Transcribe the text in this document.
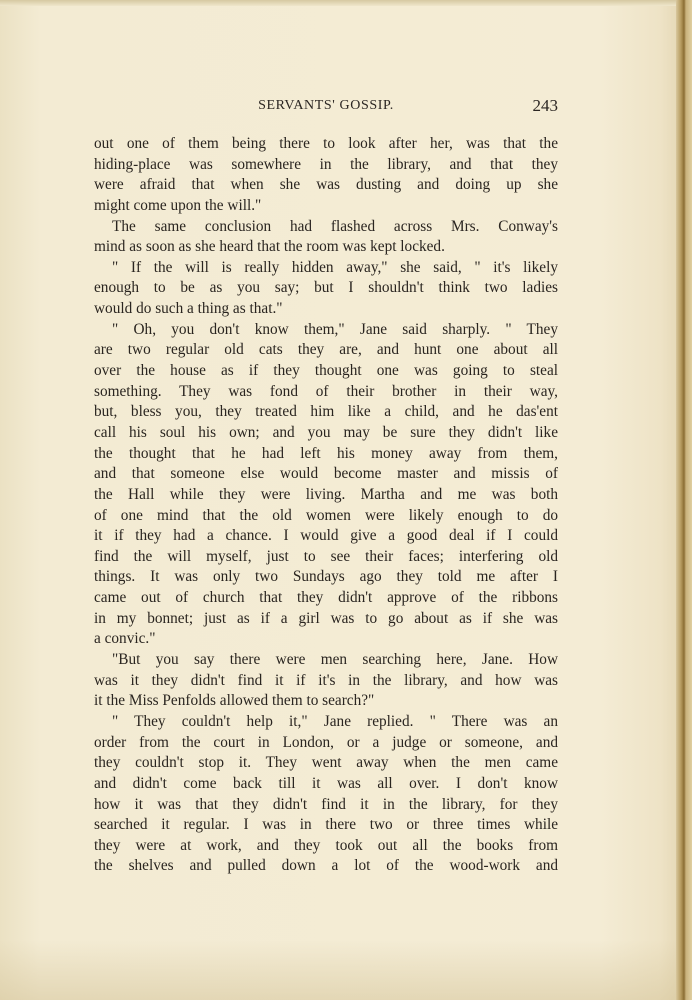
SERVANTS' GOSSIP.	243
out one of them being there to look after her, was that the
hiding-place was somewhere in the library, and that they
were afraid that when she was dusting and doing up she
might come upon the will."
The same conclusion had flashed across Mrs. Conway's
mind as soon as she heard that the room was kept locked.
" If the will is really hidden away," she said, " it's likely
enough to be as you say; but I shouldn't think two ladies
would do such a thing as that."
" Oh, you don't know them," Jane said sharply. " They
are two regular old cats they are, and hunt one about all
over the house as if they thought one was going to steal
something. They was fond of their brother in their way,
but, bless you, they treated him like a child, and he das'ent
call his soul his own; and you may be sure they didn't like
the thought that he had left his money away from them,
and that someone else would become master and missis of
the Hall while they were living. Martha and me was both
of one mind that the old women were likely enough to do
it if they had a chance. I would give a good deal if I could
find the will myself, just to see their faces; interfering old
things. It was only two Sundays ago they told me after I
came out of church that they didn't approve of the ribbons
in my bonnet; just as if a girl was to go about as if she was
a convic."
"But you say there were men searching here, Jane. How
was it they didn't find it if it's in the library, and how was
it the Miss Penfolds allowed them to search?"
" They couldn't help it," Jane replied. " There was an
order from the court in London, or a judge or someone, and
they couldn't stop it. They went away when the men came
and didn't come back till it was all over. I don't know
how it was that they didn't find it in the library, for they
searched it regular. I was in there two or three times while
they were at work, and they took out all the books from
the shelves and pulled down a lot of the wood-work and
